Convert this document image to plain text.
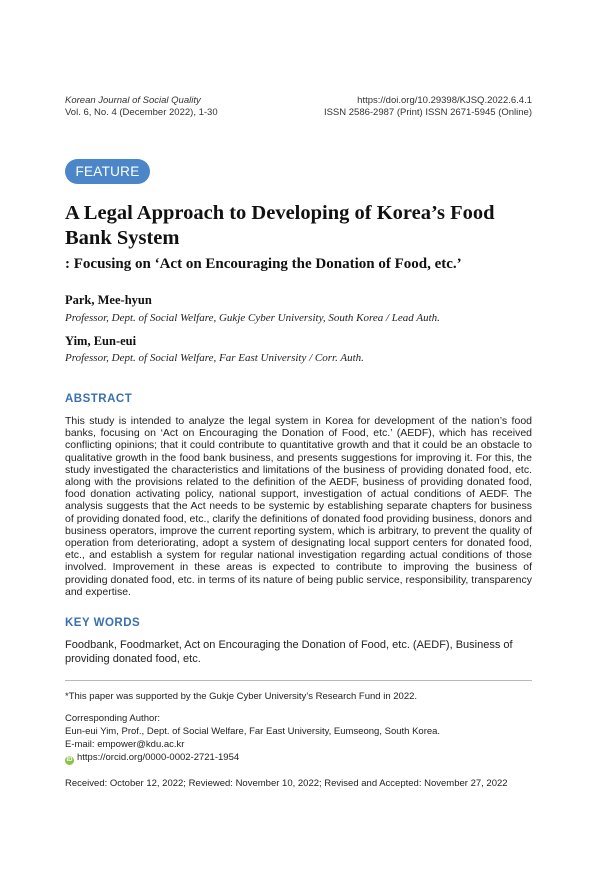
Korean Journal of Social Quality
Vol. 6, No. 4 (December 2022), 1-30
https://doi.org/10.29398/KJSQ.2022.6.4.1
ISSN 2586-2987 (Print) ISSN 2671-5945 (Online)
FEATURE
A Legal Approach to Developing of Korea’s Food Bank System
: Focusing on ‘Act on Encouraging the Donation of Food, etc.’
Park, Mee-hyun
Professor, Dept. of Social Welfare, Gukje Cyber University, South Korea / Lead Auth.
Yim, Eun-eui
Professor, Dept. of Social Welfare, Far East University / Corr. Auth.
ABSTRACT

This study is intended to analyze the legal system in Korea for development of the nation’s food banks, focusing on ‘Act on Encouraging the Donation of Food, etc.’ (AEDF), which has received conflicting opinions; that it could contribute to quantitative growth and that it could be an obstacle to qualitative growth in the food bank business, and presents suggestions for improving it. For this, the study investigated the characteristics and limitations of the business of providing donated food, etc. along with the provisions related to the definition of the AEDF, business of providing donated food, food donation activating policy, national support, investigation of actual conditions of AEDF. The analysis suggests that the Act needs to be systemic by establishing separate chapters for business of providing donated food, etc., clarify the definitions of donated food providing business, donors and business operators, improve the current reporting system, which is arbitrary, to prevent the quality of operation from deteriorating, adopt a system of designating local support centers for donated food, etc., and establish a system for regular national investigation regarding actual conditions of those involved. Improvement in these areas is expected to contribute to improving the business of providing donated food, etc. in terms of its nature of being public service, responsibility, transparency and expertise.

KEY WORDS

Foodbank, Foodmarket, Act on Encouraging the Donation of Food, etc. (AEDF), Business of providing donated food, etc.

*This paper was supported by the Gukje Cyber University’s Research Fund in 2022.
Corresponding Author:
Eun-eui Yim, Prof., Dept. of Social Welfare, Far East University, Eumseong, South Korea.
E-mail: empower@kdu.ac.kr
iD https://orcid.org/0000-0002-2721-1954
Received: October 12, 2022; Reviewed: November 10, 2022; Revised and Accepted: November 27, 2022
